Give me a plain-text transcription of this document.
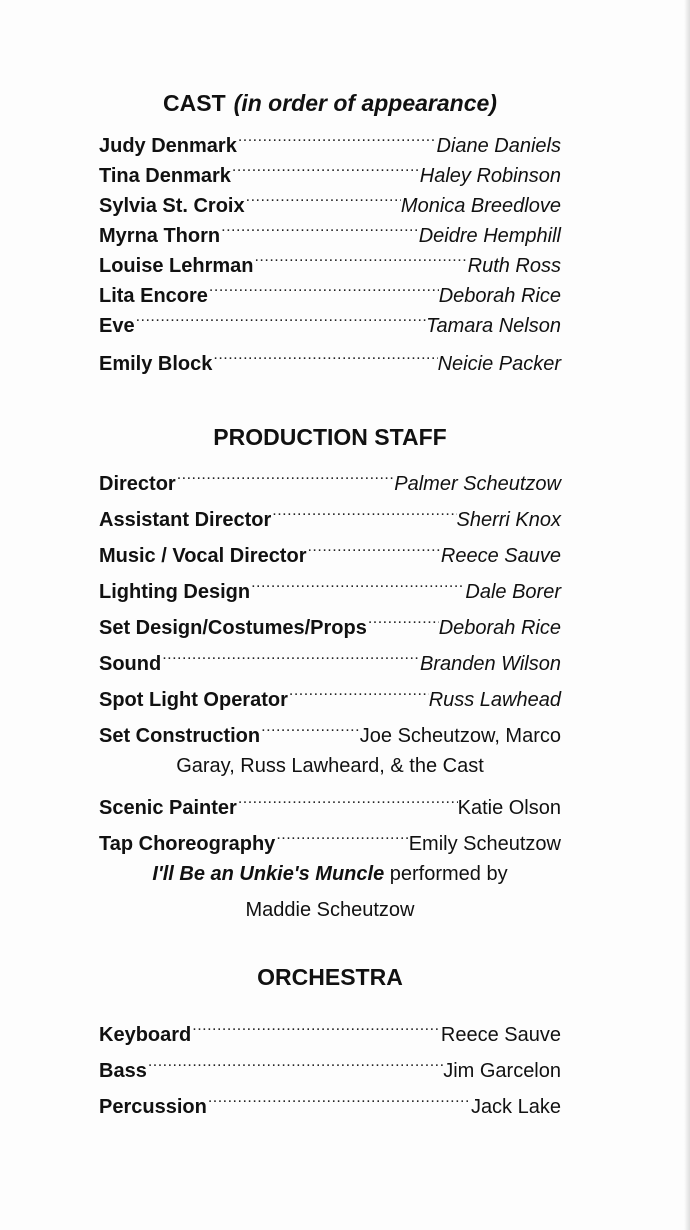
CAST (in order of appearance)
Judy Denmark .....	Diane Daniels
Tina Denmark .....	Haley Robinson
Sylvia St. Croix .....	Monica Breedlove
Myrna Thorn .....	Deidre Hemphill
Louise Lehrman .....	Ruth Ross
Lita Encore .....	Deborah Rice
Eve .....	Tamara Nelson
Emily Block .....	Neicie Packer
PRODUCTION STAFF
Director .....	Palmer Scheutzow
Assistant Director .....	Sherri Knox
Music / Vocal Director .....	Reece Sauve
Lighting Design .....	Dale Borer
Set Design/Costumes/Props .....	Deborah Rice
Sound .....	Branden Wilson
Spot Light Operator .....	Russ Lawhead
Set Construction .....	Joe Scheutzow, Marco
Garay, Russ Lawheard, & the Cast
Scenic Painter .....	Katie Olson
Tap Choreography .....	Emily Scheutzow
I'll Be an Unkie's Muncle performed by
Maddie Scheutzow
ORCHESTRA
Keyboard .....	Reece Sauve
Bass .....	Jim Garcelon
Percussion .....	Jack Lake
